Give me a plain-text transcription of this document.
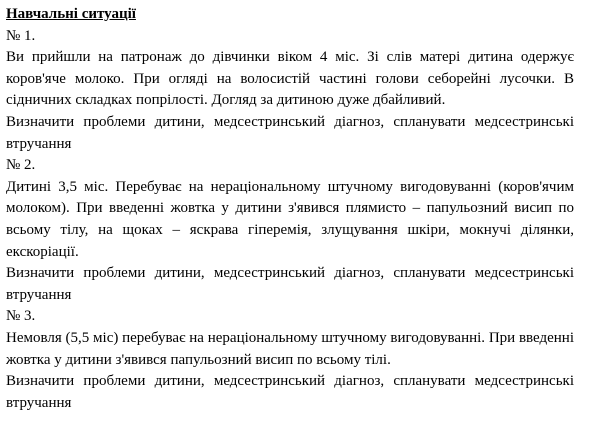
Навчальні ситуації

№ 1.

Ви прийшли на патронаж до дівчинки віком 4 міс. Зі слів матері дитина одержує коров'яче молоко. При огляді на волосистій частині голови себорейні лусочки. В сідничних складках попрілості. Догляд за дитиною дуже дбайливий.

Визначити проблеми дитини, медсестринський діагноз, спланувати медсестринські втручання

№ 2.

Дитині 3,5 міс. Перебуває на нераціональному штучному вигодовуванні (коров'ячим молоком). При введенні жовтка у дитини з'явився плямисто – папульозний висип по всьому тілу, на щоках – яскрава гіперемія, злущування шкіри, мокнучі ділянки, екскоріації.

Визначити проблеми дитини, медсестринський діагноз, спланувати медсестринські втручання

№ 3.

Немовля (5,5 міс) перебуває на нераціональному штучному вигодовуванні. При введенні жовтка у дитини з'явився папульозний висип по всьому тілі.

Визначити проблеми дитини, медсестринський діагноз, спланувати медсестринські втручання
